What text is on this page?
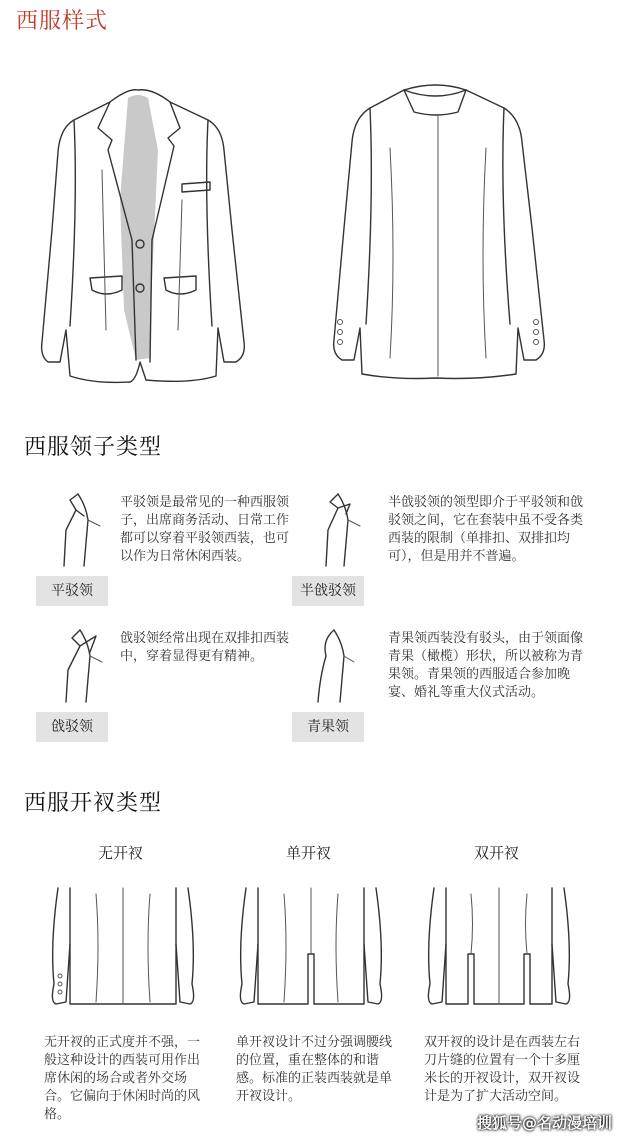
西服样式
西服领子类型
平驳领
平驳领是最常见的一种西服领子，出席商务活动、日常工作都可以穿着平驳领西装，也可以作为日常休闲西装。
半戗驳领
半戗驳领的领型即介于平驳领和戗驳领之间，它在套装中虽不受各类西装的限制（单排扣、双排扣均可），但是用并不普遍。
戗驳领
戗驳领经常出现在双排扣西装中，穿着显得更有精神。
青果领
青果领西装没有驳头，由于领面像青果（橄榄）形状，所以被称为青果领。青果领的西服适合参加晚宴、婚礼等重大仪式活动。
西服开衩类型
无开衩	单开衩	双开衩
无开衩的正式度并不强，一般这种设计的西装可用作出席休闲的场合或者外交场合。它偏向于休闲时尚的风格。
单开衩设计不过分强调腰线的位置，重在整体的和谐感。标准的正装西装就是单开衩设计。
双开衩的设计是在西装左右刀片缝的位置有一个十多厘米长的开衩设计，双开衩设计是为了扩大活动空间。
搜狐号@名动漫培训
